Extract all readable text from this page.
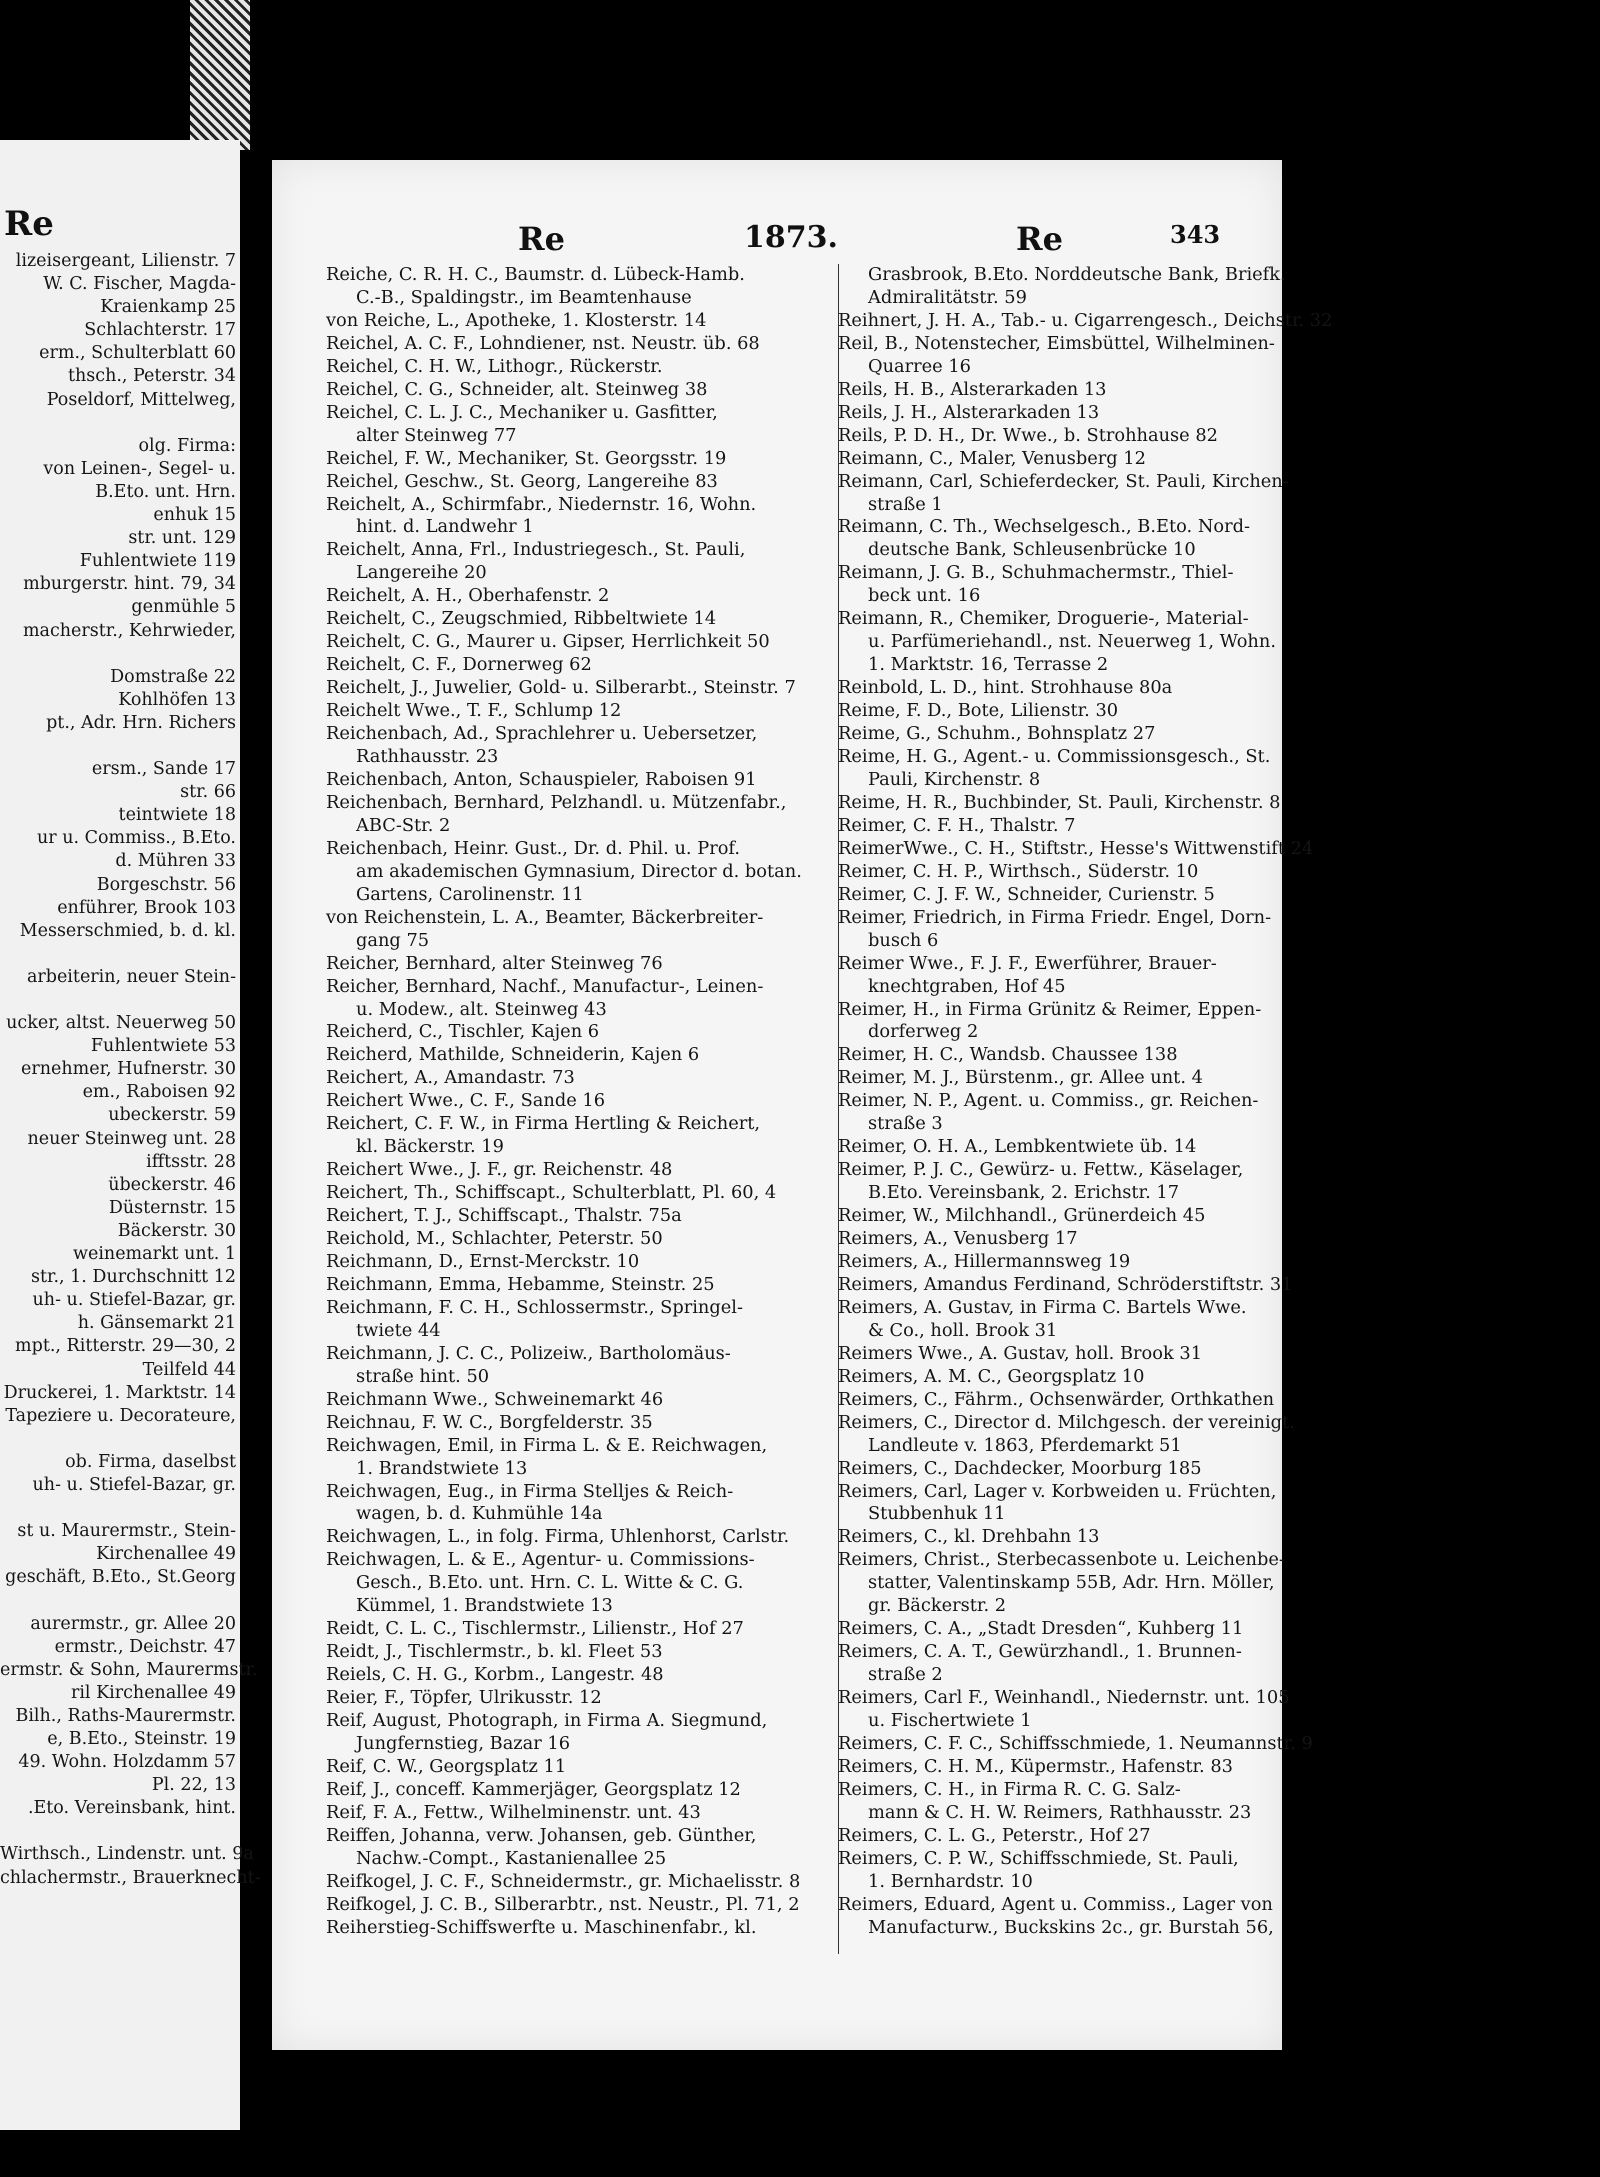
Re
lizeisergeant, Lilienstr. 7
W. C. Fischer, Magda-
Kraienkamp 25
Schlachterstr. 17
erm., Schulterblatt 60
thsch., Peterstr. 34
Poseldorf, Mittelweg,

olg. Firma:
von Leinen-, Segel- u.
B.Eto. unt. Hrn.
enhuk 15
str. unt. 129
Fuhlentwiete 119
mburgerstr. hint. 79, 34
genmühle 5
macherstr., Kehrwieder,

Domstraße 22
Kohlhöfen 13
pt., Adr. Hrn. Richers

ersm., Sande 17
str. 66
teintwiete 18
ur u. Commiss., B.Eto.
d. Mühren 33
Borgeschstr. 56
enführer, Brook 103
Messerschmied, b. d. kl.

arbeiterin, neuer Stein-

ucker, altst. Neuerweg 50
Fuhlentwiete 53
ernehmer, Hufnerstr. 30
em., Raboisen 92
ubeckerstr. 59
neuer Steinweg unt. 28
ifftsstr. 28
übeckerstr. 46
Düsternstr. 15
Bäckerstr. 30
weinemarkt unt. 1
str., 1. Durchschnitt 12
uh- u. Stiefel-Bazar, gr.
h. Gänsemarkt 21
mpt., Ritterstr. 29—30, 2
Teilfeld 44
Druckerei, 1. Marktstr. 14
Tapeziere u. Decorateure,

ob. Firma, daselbst
uh- u. Stiefel-Bazar, gr.

st u. Maurermstr., Stein-
Kirchenallee 49
geschäft, B.Eto., St.Georg

aurermstr., gr. Allee 20
ermstr., Deichstr. 47
ermstr. & Sohn, Maurermstr.
ril Kirchenallee 49
Bilh., Raths-Maurermstr.
e, B.Eto., Steinstr. 19
49. Wohn. Holzdamm 57
Pl. 22, 13
.Eto. Vereinsbank, hint.

Wirthsch., Lindenstr. unt. 9a
chlachermstr., Brauerknecht-
Re	1873.	Re	343
Reiche, C. R. H. C., Baumstr. d. Lübeck-Hamb.
C.-B., Spaldingstr., im Beamtenhause
von Reiche, L., Apotheke, 1. Klosterstr. 14
Reichel, A. C. F., Lohndiener, nst. Neustr. üb. 68
Reichel, C. H. W., Lithogr., Rückerstr.
Reichel, C. G., Schneider, alt. Steinweg 38
Reichel, C. L. J. C., Mechaniker u. Gasfitter,
alter Steinweg 77
Reichel, F. W., Mechaniker, St. Georgsstr. 19
Reichel, Geschw., St. Georg, Langereihe 83
Reichelt, A., Schirmfabr., Niedernstr. 16, Wohn.
hint. d. Landwehr 1
Reichelt, Anna, Frl., Industriegesch., St. Pauli,
Langereihe 20
Reichelt, A. H., Oberhafenstr. 2
Reichelt, C., Zeugschmied, Ribbeltwiete 14
Reichelt, C. G., Maurer u. Gipser, Herrlichkeit 50
Reichelt, C. F., Dornerweg 62
Reichelt, J., Juwelier, Gold- u. Silberarbt., Steinstr. 7
Reichelt Wwe., T. F., Schlump 12
Reichenbach, Ad., Sprachlehrer u. Uebersetzer,
Rathhausstr. 23
Reichenbach, Anton, Schauspieler, Raboisen 91
Reichenbach, Bernhard, Pelzhandl. u. Mützenfabr.,
ABC-Str. 2
Reichenbach, Heinr. Gust., Dr. d. Phil. u. Prof.
am akademischen Gymnasium, Director d. botan.
Gartens, Carolinenstr. 11
von Reichenstein, L. A., Beamter, Bäckerbreiter-
gang 75
Reicher, Bernhard, alter Steinweg 76
Reicher, Bernhard, Nachf., Manufactur-, Leinen-
u. Modew., alt. Steinweg 43
Reicherd, C., Tischler, Kajen 6
Reicherd, Mathilde, Schneiderin, Kajen 6
Reichert, A., Amandastr. 73
Reichert Wwe., C. F., Sande 16
Reichert, C. F. W., in Firma Hertling & Reichert,
kl. Bäckerstr. 19
Reichert Wwe., J. F., gr. Reichenstr. 48
Reichert, Th., Schiffscapt., Schulterblatt, Pl. 60, 4
Reichert, T. J., Schiffscapt., Thalstr. 75a
Reichold, M., Schlachter, Peterstr. 50
Reichmann, D., Ernst-Merckstr. 10
Reichmann, Emma, Hebamme, Steinstr. 25
Reichmann, F. C. H., Schlossermstr., Springel-
twiete 44
Reichmann, J. C. C., Polizeiw., Bartholomäus-
straße hint. 50
Reichmann Wwe., Schweinemarkt 46
Reichnau, F. W. C., Borgfelderstr. 35
Reichwagen, Emil, in Firma L. & E. Reichwagen,
1. Brandstwiete 13
Reichwagen, Eug., in Firma Stelljes & Reich-
wagen, b. d. Kuhmühle 14a
Reichwagen, L., in folg. Firma, Uhlenhorst, Carlstr.
Reichwagen, L. & E., Agentur- u. Commissions-
Gesch., B.Eto. unt. Hrn. C. L. Witte & C. G.
Kümmel, 1. Brandstwiete 13
Reidt, C. L. C., Tischlermstr., Lilienstr., Hof 27
Reidt, J., Tischlermstr., b. kl. Fleet 53
Reiels, C. H. G., Korbm., Langestr. 48
Reier, F., Töpfer, Ulrikusstr. 12
Reif, August, Photograph, in Firma A. Siegmund,
Jungfernstieg, Bazar 16
Reif, C. W., Georgsplatz 11
Reif, J., conceff. Kammerjäger, Georgsplatz 12
Reif, F. A., Fettw., Wilhelminenstr. unt. 43
Reiffen, Johanna, verw. Johansen, geb. Günther,
Nachw.-Compt., Kastanienallee 25
Reifkogel, J. C. F., Schneidermstr., gr. Michaelisstr. 8
Reifkogel, J. C. B., Silberarbtr., nst. Neustr., Pl. 71, 2
Reiherstieg-Schiffswerfte u. Maschinenfabr., kl.
Grasbrook, B.Eto. Norddeutsche Bank, Briefk.
Admiralitätstr. 59
Reihnert, J. H. A., Tab.- u. Cigarrengesch., Deichstr. 32
Reil, B., Notenstecher, Eimsbüttel, Wilhelminen-
Quarree 16
Reils, H. B., Alsterarkaden 13
Reils, J. H., Alsterarkaden 13
Reils, P. D. H., Dr. Wwe., b. Strohhause 82
Reimann, C., Maler, Venusberg 12
Reimann, Carl, Schieferdecker, St. Pauli, Kirchen-
straße 1
Reimann, C. Th., Wechselgesch., B.Eto. Nord-
deutsche Bank, Schleusenbrücke 10
Reimann, J. G. B., Schuhmachermstr., Thiel-
beck unt. 16
Reimann, R., Chemiker, Droguerie-, Material-
u. Parfümeriehandl., nst. Neuerweg 1, Wohn.
1. Marktstr. 16, Terrasse 2
Reinbold, L. D., hint. Strohhause 80a
Reime, F. D., Bote, Lilienstr. 30
Reime, G., Schuhm., Bohnsplatz 27
Reime, H. G., Agent.- u. Commissionsgesch., St.
Pauli, Kirchenstr. 8
Reime, H. R., Buchbinder, St. Pauli, Kirchenstr. 8
Reimer, C. F. H., Thalstr. 7
ReimerWwe., C. H., Stiftstr., Hesse's Wittwenstift 24
Reimer, C. H. P., Wirthsch., Süderstr. 10
Reimer, C. J. F. W., Schneider, Curienstr. 5
Reimer, Friedrich, in Firma Friedr. Engel, Dorn-
busch 6
Reimer Wwe., F. J. F., Ewerführer, Brauer-
knechtgraben, Hof 45
Reimer, H., in Firma Grünitz & Reimer, Eppen-
dorferweg 2
Reimer, H. C., Wandsb. Chaussee 138
Reimer, M. J., Bürstenm., gr. Allee unt. 4
Reimer, N. P., Agent. u. Commiss., gr. Reichen-
straße 3
Reimer, O. H. A., Lembkentwiete üb. 14
Reimer, P. J. C., Gewürz- u. Fettw., Käselager,
B.Eto. Vereinsbank, 2. Erichstr. 17
Reimer, W., Milchhandl., Grünerdeich 45
Reimers, A., Venusberg 17
Reimers, A., Hillermannsweg 19
Reimers, Amandus Ferdinand, Schröderstiftstr. 31
Reimers, A. Gustav, in Firma C. Bartels Wwe.
& Co., holl. Brook 31
Reimers Wwe., A. Gustav, holl. Brook 31
Reimers, A. M. C., Georgsplatz 10
Reimers, C., Fährm., Ochsenwärder, Orthkathen
Reimers, C., Director d. Milchgesch. der vereinigt.
Landleute v. 1863, Pferdemarkt 51
Reimers, C., Dachdecker, Moorburg 185
Reimers, Carl, Lager v. Korbweiden u. Früchten,
Stubbenhuk 11
Reimers, C., kl. Drehbahn 13
Reimers, Christ., Sterbecassenbote u. Leichenbe-
statter, Valentinskamp 55B, Adr. Hrn. Möller,
gr. Bäckerstr. 2
Reimers, C. A., „Stadt Dresden“, Kuhberg 11
Reimers, C. A. T., Gewürzhandl., 1. Brunnen-
straße 2
Reimers, Carl F., Weinhandl., Niedernstr. unt. 105
u. Fischertwiete 1
Reimers, C. F. C., Schiffsschmiede, 1. Neumannstr. 9
Reimers, C. H. M., Küpermstr., Hafenstr. 83
Reimers, C. H., in Firma R. C. G. Salz-
mann & C. H. W. Reimers, Rathhausstr. 23
Reimers, C. L. G., Peterstr., Hof 27
Reimers, C. P. W., Schiffsschmiede, St. Pauli,
1. Bernhardstr. 10
Reimers, Eduard, Agent u. Commiss., Lager von
Manufacturw., Buckskins 2c., gr. Burstah 56,
